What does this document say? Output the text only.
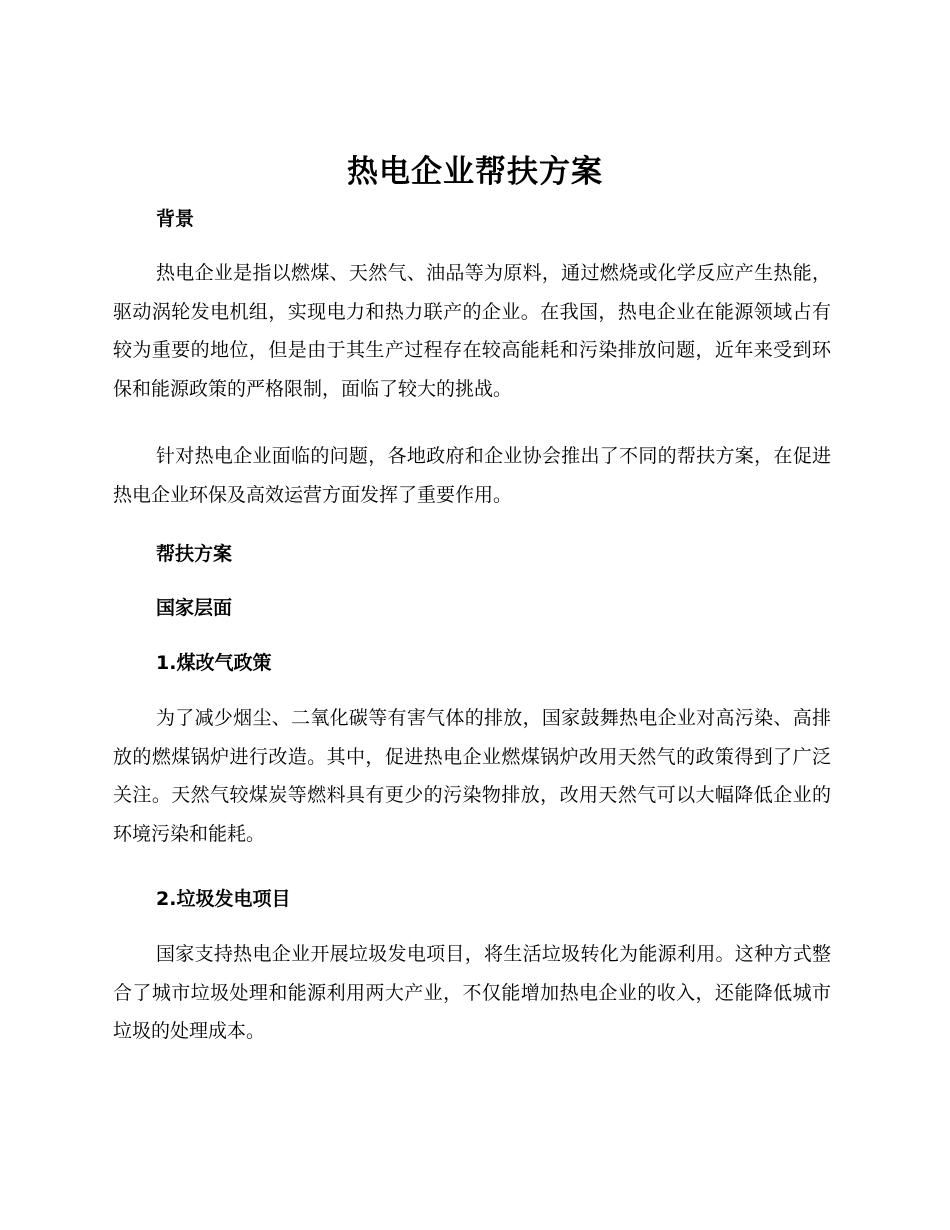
热电企业帮扶方案
背景

热电企业是指以燃煤、天然气、油品等为原料，通过燃烧或化学反应产生热能，驱动涡轮发电机组，实现电力和热力联产的企业。在我国，热电企业在能源领域占有较为重要的地位，但是由于其生产过程存在较高能耗和污染排放问题，近年来受到环保和能源政策的严格限制，面临了较大的挑战。

针对热电企业面临的问题，各地政府和企业协会推出了不同的帮扶方案，在促进热电企业环保及高效运营方面发挥了重要作用。

帮扶方案
国家层面
1.煤改气政策

为了减少烟尘、二氧化碳等有害气体的排放，国家鼓舞热电企业对高污染、高排放的燃煤锅炉进行改造。其中，促进热电企业燃煤锅炉改用天然气的政策得到了广泛关注。天然气较煤炭等燃料具有更少的污染物排放，改用天然气可以大幅降低企业的环境污染和能耗。

2.垃圾发电项目

国家支持热电企业开展垃圾发电项目，将生活垃圾转化为能源利用。这种方式整合了城市垃圾处理和能源利用两大产业，不仅能增加热电企业的收入，还能降低城市垃圾的处理成本。
